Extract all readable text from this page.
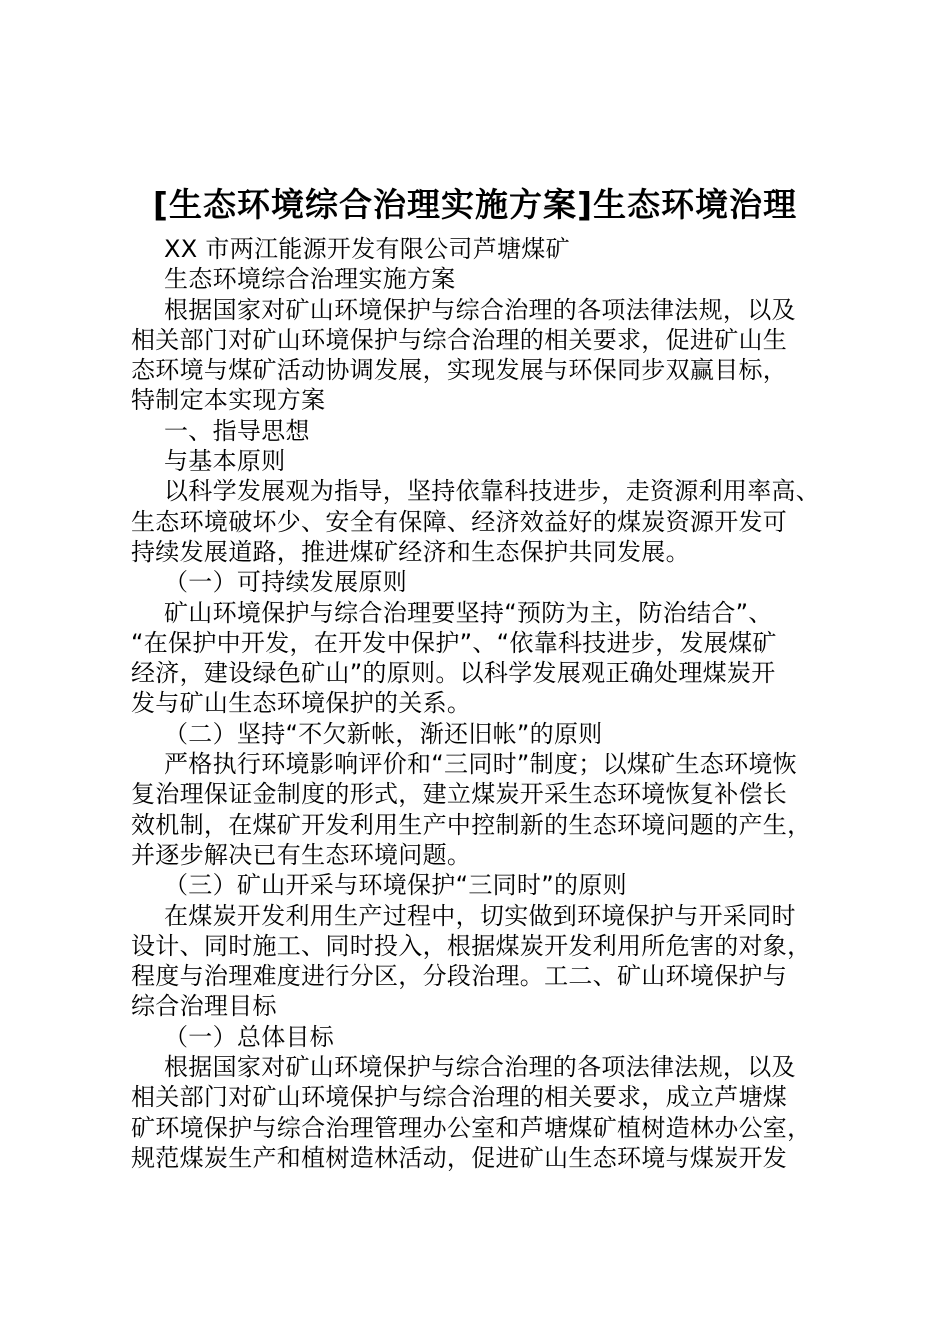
[生态环境综合治理实施方案]生态环境治理
XX 市两江能源开发有限公司芦塘煤矿
生态环境综合治理实施方案
根据国家对矿山环境保护与综合治理的各项法律法规，以及
相关部门对矿山环境保护与综合治理的相关要求，促进矿山生
态环境与煤矿活动协调发展，实现发展与环保同步双赢目标，
特制定本实现方案
一、指导思想
与基本原则
以科学发展观为指导，坚持依靠科技进步，走资源利用率高、
生态环境破坏少、安全有保障、经济效益好的煤炭资源开发可
持续发展道路，推进煤矿经济和生态保护共同发展。
（一）可持续发展原则
矿山环境保护与综合治理要坚持“预防为主，防治结合”、
“在保护中开发，在开发中保护”、“依靠科技进步，发展煤矿
经济，建设绿色矿山”的原则。以科学发展观正确处理煤炭开
发与矿山生态环境保护的关系。
（二）坚持“不欠新帐，渐还旧帐”的原则
严格执行环境影响评价和“三同时”制度；以煤矿生态环境恢
复治理保证金制度的形式，建立煤炭开采生态环境恢复补偿长
效机制，在煤矿开发利用生产中控制新的生态环境问题的产生，
并逐步解决已有生态环境问题。
（三）矿山开采与环境保护“三同时”的原则
在煤炭开发利用生产过程中，切实做到环境保护与开采同时
设计、同时施工、同时投入，根据煤炭开发利用所危害的对象，
程度与治理难度进行分区，分段治理。工二、矿山环境保护与
综合治理目标
（一）总体目标
根据国家对矿山环境保护与综合治理的各项法律法规，以及
相关部门对矿山环境保护与综合治理的相关要求，成立芦塘煤
矿环境保护与综合治理管理办公室和芦塘煤矿植树造林办公室，
规范煤炭生产和植树造林活动，促进矿山生态环境与煤炭开发
